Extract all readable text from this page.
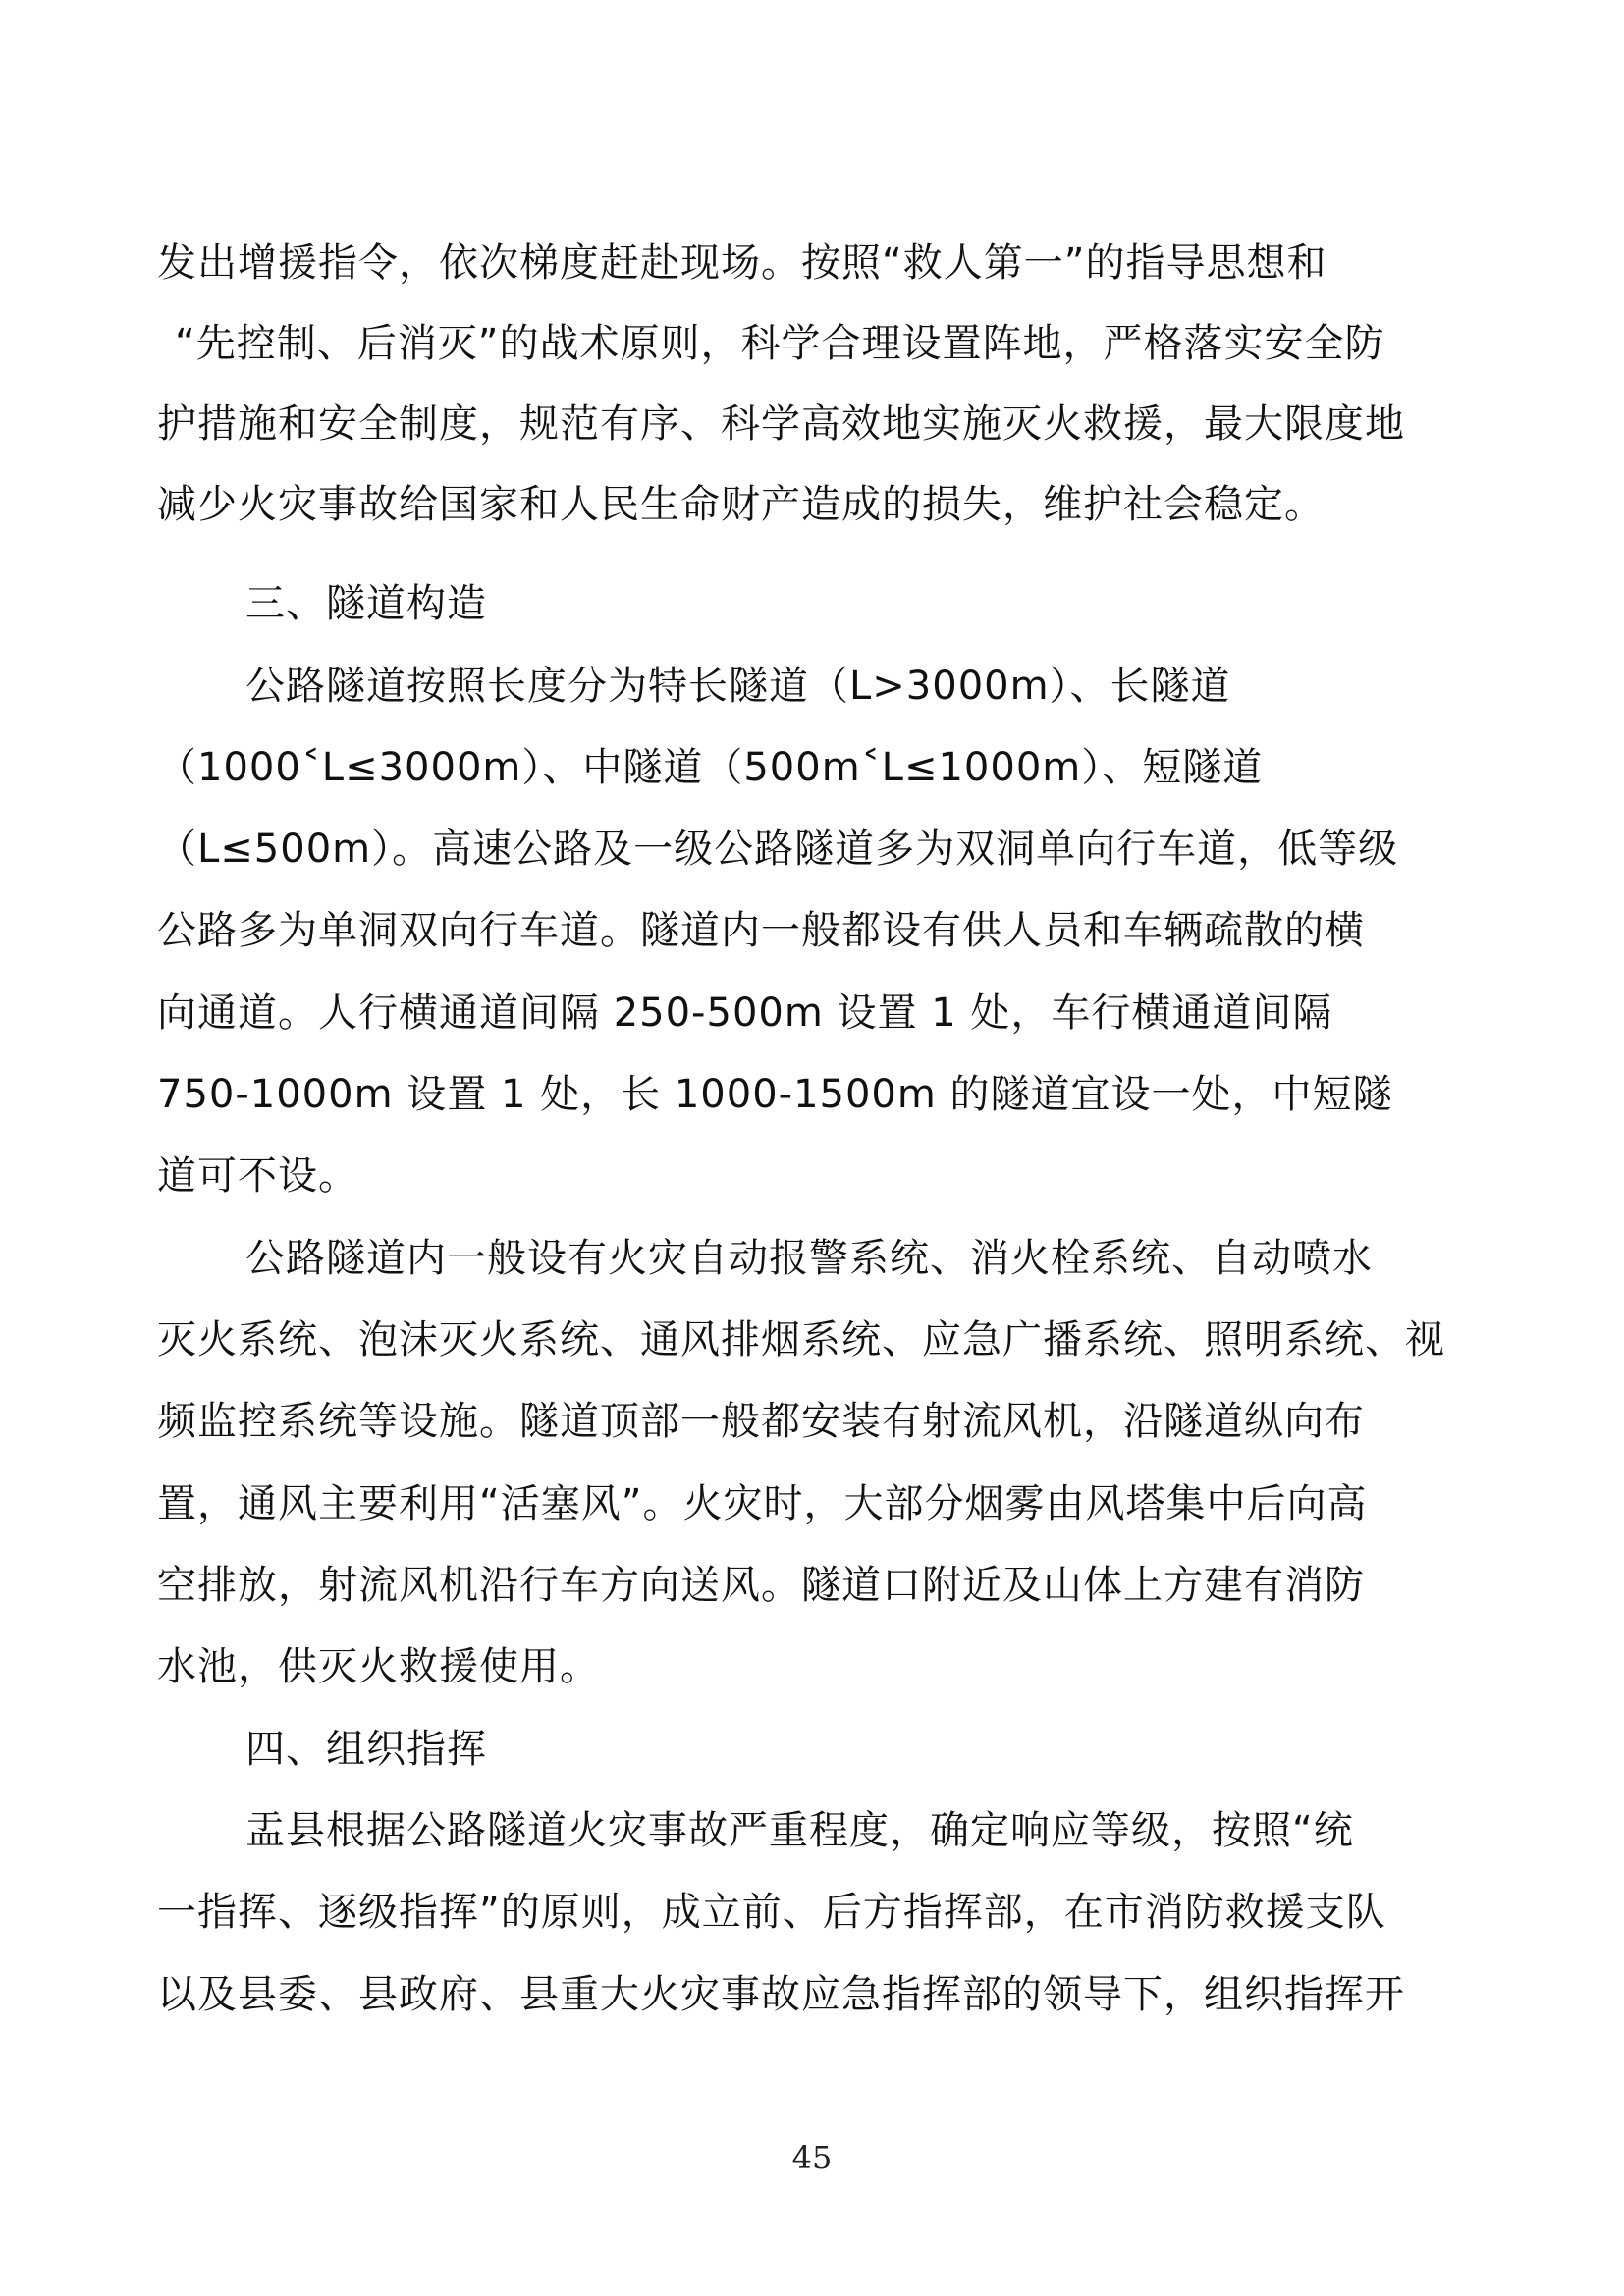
发出增援指令，依次梯度赶赴现场。按照“救人第一”的指导思想和
“先控制、后消灭”的战术原则，科学合理设置阵地，严格落实安全防
护措施和安全制度，规范有序、科学高效地实施灭火救援，最大限度地
减少火灾事故给国家和人民生命财产造成的损失，维护社会稳定。
三、隧道构造
公路隧道按照长度分为特长隧道（L>3000m）、长隧道
（1000˂L≤3000m）、中隧道（500m˂L≤1000m）、短隧道
（L≤500m）。高速公路及一级公路隧道多为双洞单向行车道，低等级
公路多为单洞双向行车道。隧道内一般都设有供人员和车辆疏散的横
向通道。人行横通道间隔 250-500m 设置 1 处，车行横通道间隔
750-1000m 设置 1 处，长 1000-1500m 的隧道宜设一处，中短隧
道可不设。
公路隧道内一般设有火灾自动报警系统、消火栓系统、自动喷水
灭火系统、泡沫灭火系统、通风排烟系统、应急广播系统、照明系统、视
频监控系统等设施。隧道顶部一般都安装有射流风机，沿隧道纵向布
置，通风主要利用“活塞风”。火灾时，大部分烟雾由风塔集中后向高
空排放，射流风机沿行车方向送风。隧道口附近及山体上方建有消防
水池，供灭火救援使用。
四、组织指挥
盂县根据公路隧道火灾事故严重程度，确定响应等级，按照“统
一指挥、逐级指挥”的原则，成立前、后方指挥部，在市消防救援支队
以及县委、县政府、县重大火灾事故应急指挥部的领导下，组织指挥开
45
